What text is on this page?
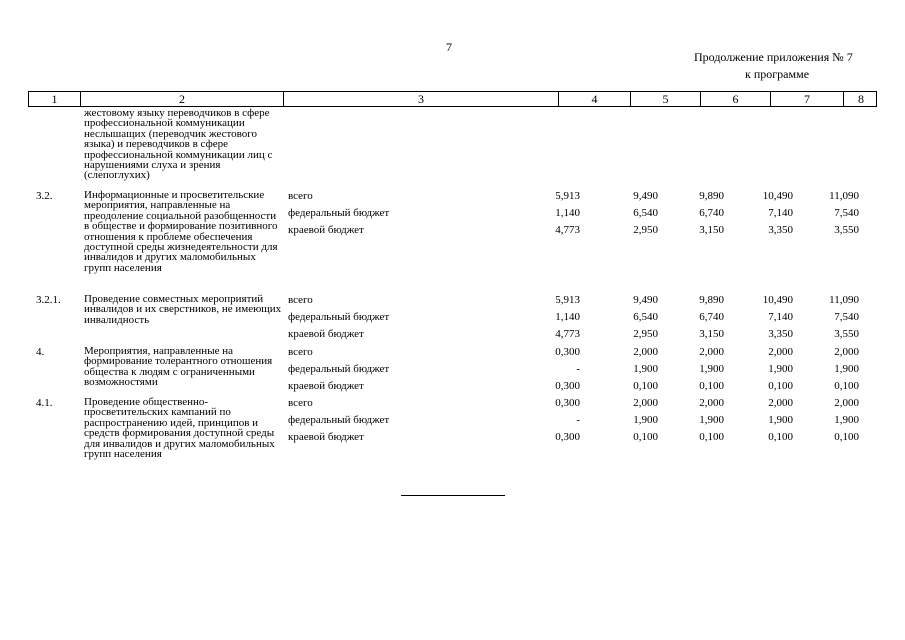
7
Продолжение приложения № 7
к программе
1	2	3	4	5	6	7	8
жестовому языку переводчиков в сфере профессиональной коммуникации неслышащих (переводчик жестового языка) и переводчиков в сфере профессиональной коммуникации лиц с нарушениями слуха и зрения (слепоглухих)
3.2.	Информационные и просветительские мероприятия, направленные на преодоление социальной разобщенности в обществе и формирование позитивного отношения к проблеме обеспечения доступной среды жизнедеятельности для инвалидов и других маломобильных групп населения
всего	5,913	9,490	9,890	10,490	11,090
федеральный бюджет	1,140	6,540	6,740	7,140	7,540
краевой бюджет	4,773	2,950	3,150	3,350	3,550
3.2.1. Проведение совместных мероприятий инвалидов и их сверстников, не имеющих инвалидность
всего	5,913	9,490	9,890	10,490	11,090
федеральный бюджет	1,140	6,540	6,740	7,140	7,540
краевой бюджет	4,773	2,950	3,150	3,350	3,550
4.	Мероприятия, направленные на формирование толерантного отношения общества к людям с ограниченными возможностями
всего	0,300	2,000	2,000	2,000	2,000
федеральный бюджет	-	1,900	1,900	1,900	1,900
краевой бюджет	0,300	0,100	0,100	0,100	0,100
4.1.	Проведение общественно-просветительских кампаний по распространению идей, принципов и средств формирования доступной среды для инвалидов и других маломобильных групп населения
всего	0,300	2,000	2,000	2,000	2,000
федеральный бюджет	-	1,900	1,900	1,900	1,900
краевой бюджет	0,300	0,100	0,100	0,100	0,100
